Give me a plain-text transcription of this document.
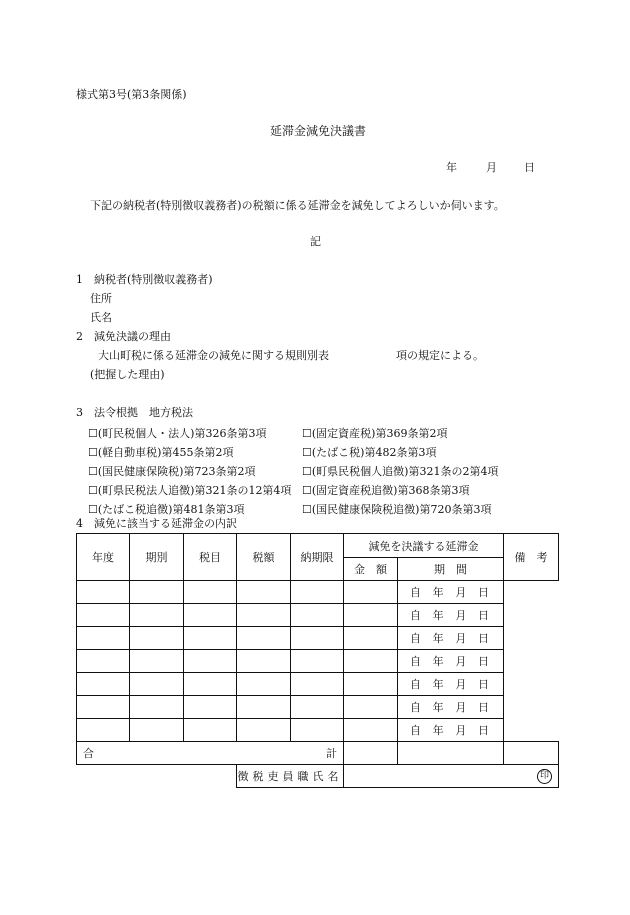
様式第3号(第3条関係)
延滞金減免決議書
年	月 日
下記の納税者(特別徴収義務者)の税額に係る延滞金を減免してよろしいか伺います。
記
1　納税者(特別徴収義務者)
住所
氏名
2　減免決議の理由
大山町税に係る延滞金の減免に関する規則別表	項の規定による。
(把握した理由)
3　法令根拠　地方税法
☐(町民税個人・法人)第326条第3項	☐(固定資産税)第369条第2項
☐(軽自動車税)第455条第2項	☐(たばこ税)第482条第3項
☐(国民健康保険税)第723条第2項	☐(町県民税個人追徴)第321条の2第4項
☐(町県民税法人追徴)第321条の12第4項 ☐(固定資産税追徴)第368条第3項
☐(たばこ税追徴)第481条第3項	☐(国民健康保険税追徴)第720条第3項
4　減免に該当する延滞金の内訳
年度	期別	税目	税額	納期限	減免を決議する延滞金		備　考
					金　額	期　間	

						自 年 月 日	

						自 年 月 日	

						自 年 月 日	

						自 年 月 日	

						自 年 月 日	

						自 年 月 日	

						自 年 月 日	

合 計							

			徴税吏員職氏名		印		
